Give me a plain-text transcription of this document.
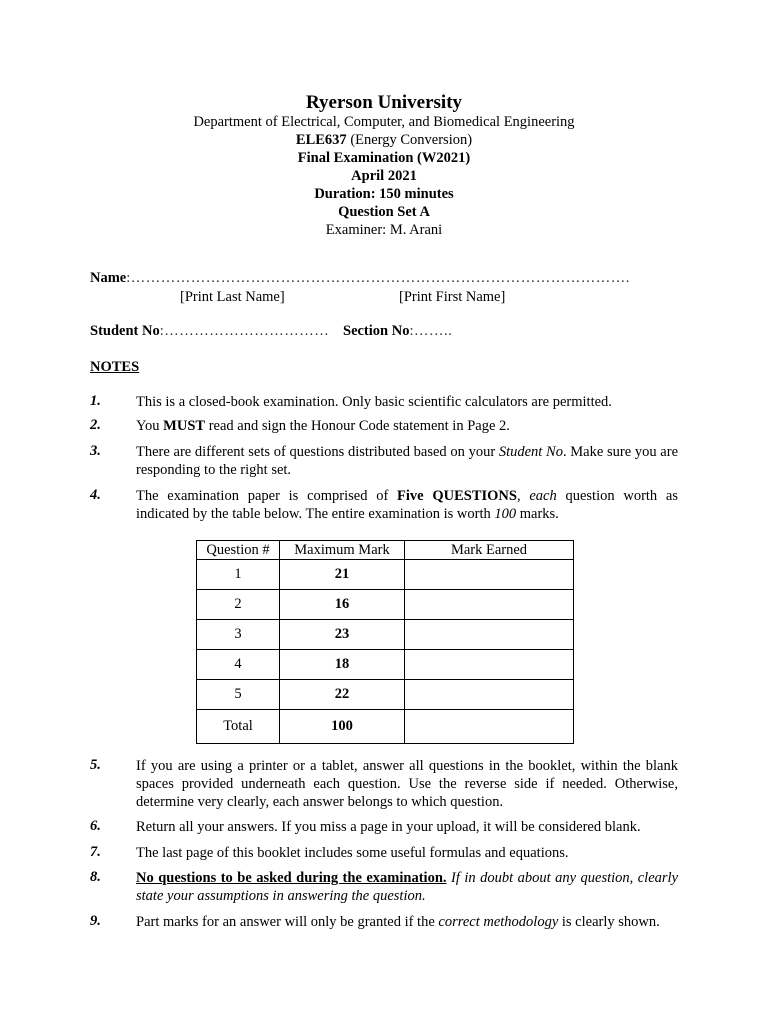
Ryerson University
Department of Electrical, Computer, and Biomedical Engineering
ELE637 (Energy Conversion)
Final Examination (W2021)
April 2021
Duration: 150 minutes
Question Set A
Examiner: M. Arani
Name:……………………………………………………………………………………….
[Print Last Name]	[Print First Name]
Student No:…………………………… Section No:……..
NOTES
1. This is a closed-book examination. Only basic scientific calculators are permitted.
2. You MUST read and sign the Honour Code statement in Page 2.
3. There are different sets of questions distributed based on your Student No. Make sure you are responding to the right set.
4. The examination paper is comprised of Five QUESTIONS, each question worth as indicated by the table below. The entire examination is worth 100 marks.
Question #	Maximum Mark	Mark Earned
1	21	
2	16	
3	23	
4	18	
5	22	
Total	100	
5. If you are using a printer or a tablet, answer all questions in the booklet, within the blank spaces provided underneath each question. Use the reverse side if needed. Otherwise, determine very clearly, each answer belongs to which question.
6. Return all your answers. If you miss a page in your upload, it will be considered blank.
7. The last page of this booklet includes some useful formulas and equations.
8. No questions to be asked during the examination. If in doubt about any question, clearly state your assumptions in answering the question.
9. Part marks for an answer will only be granted if the correct methodology is clearly shown.
